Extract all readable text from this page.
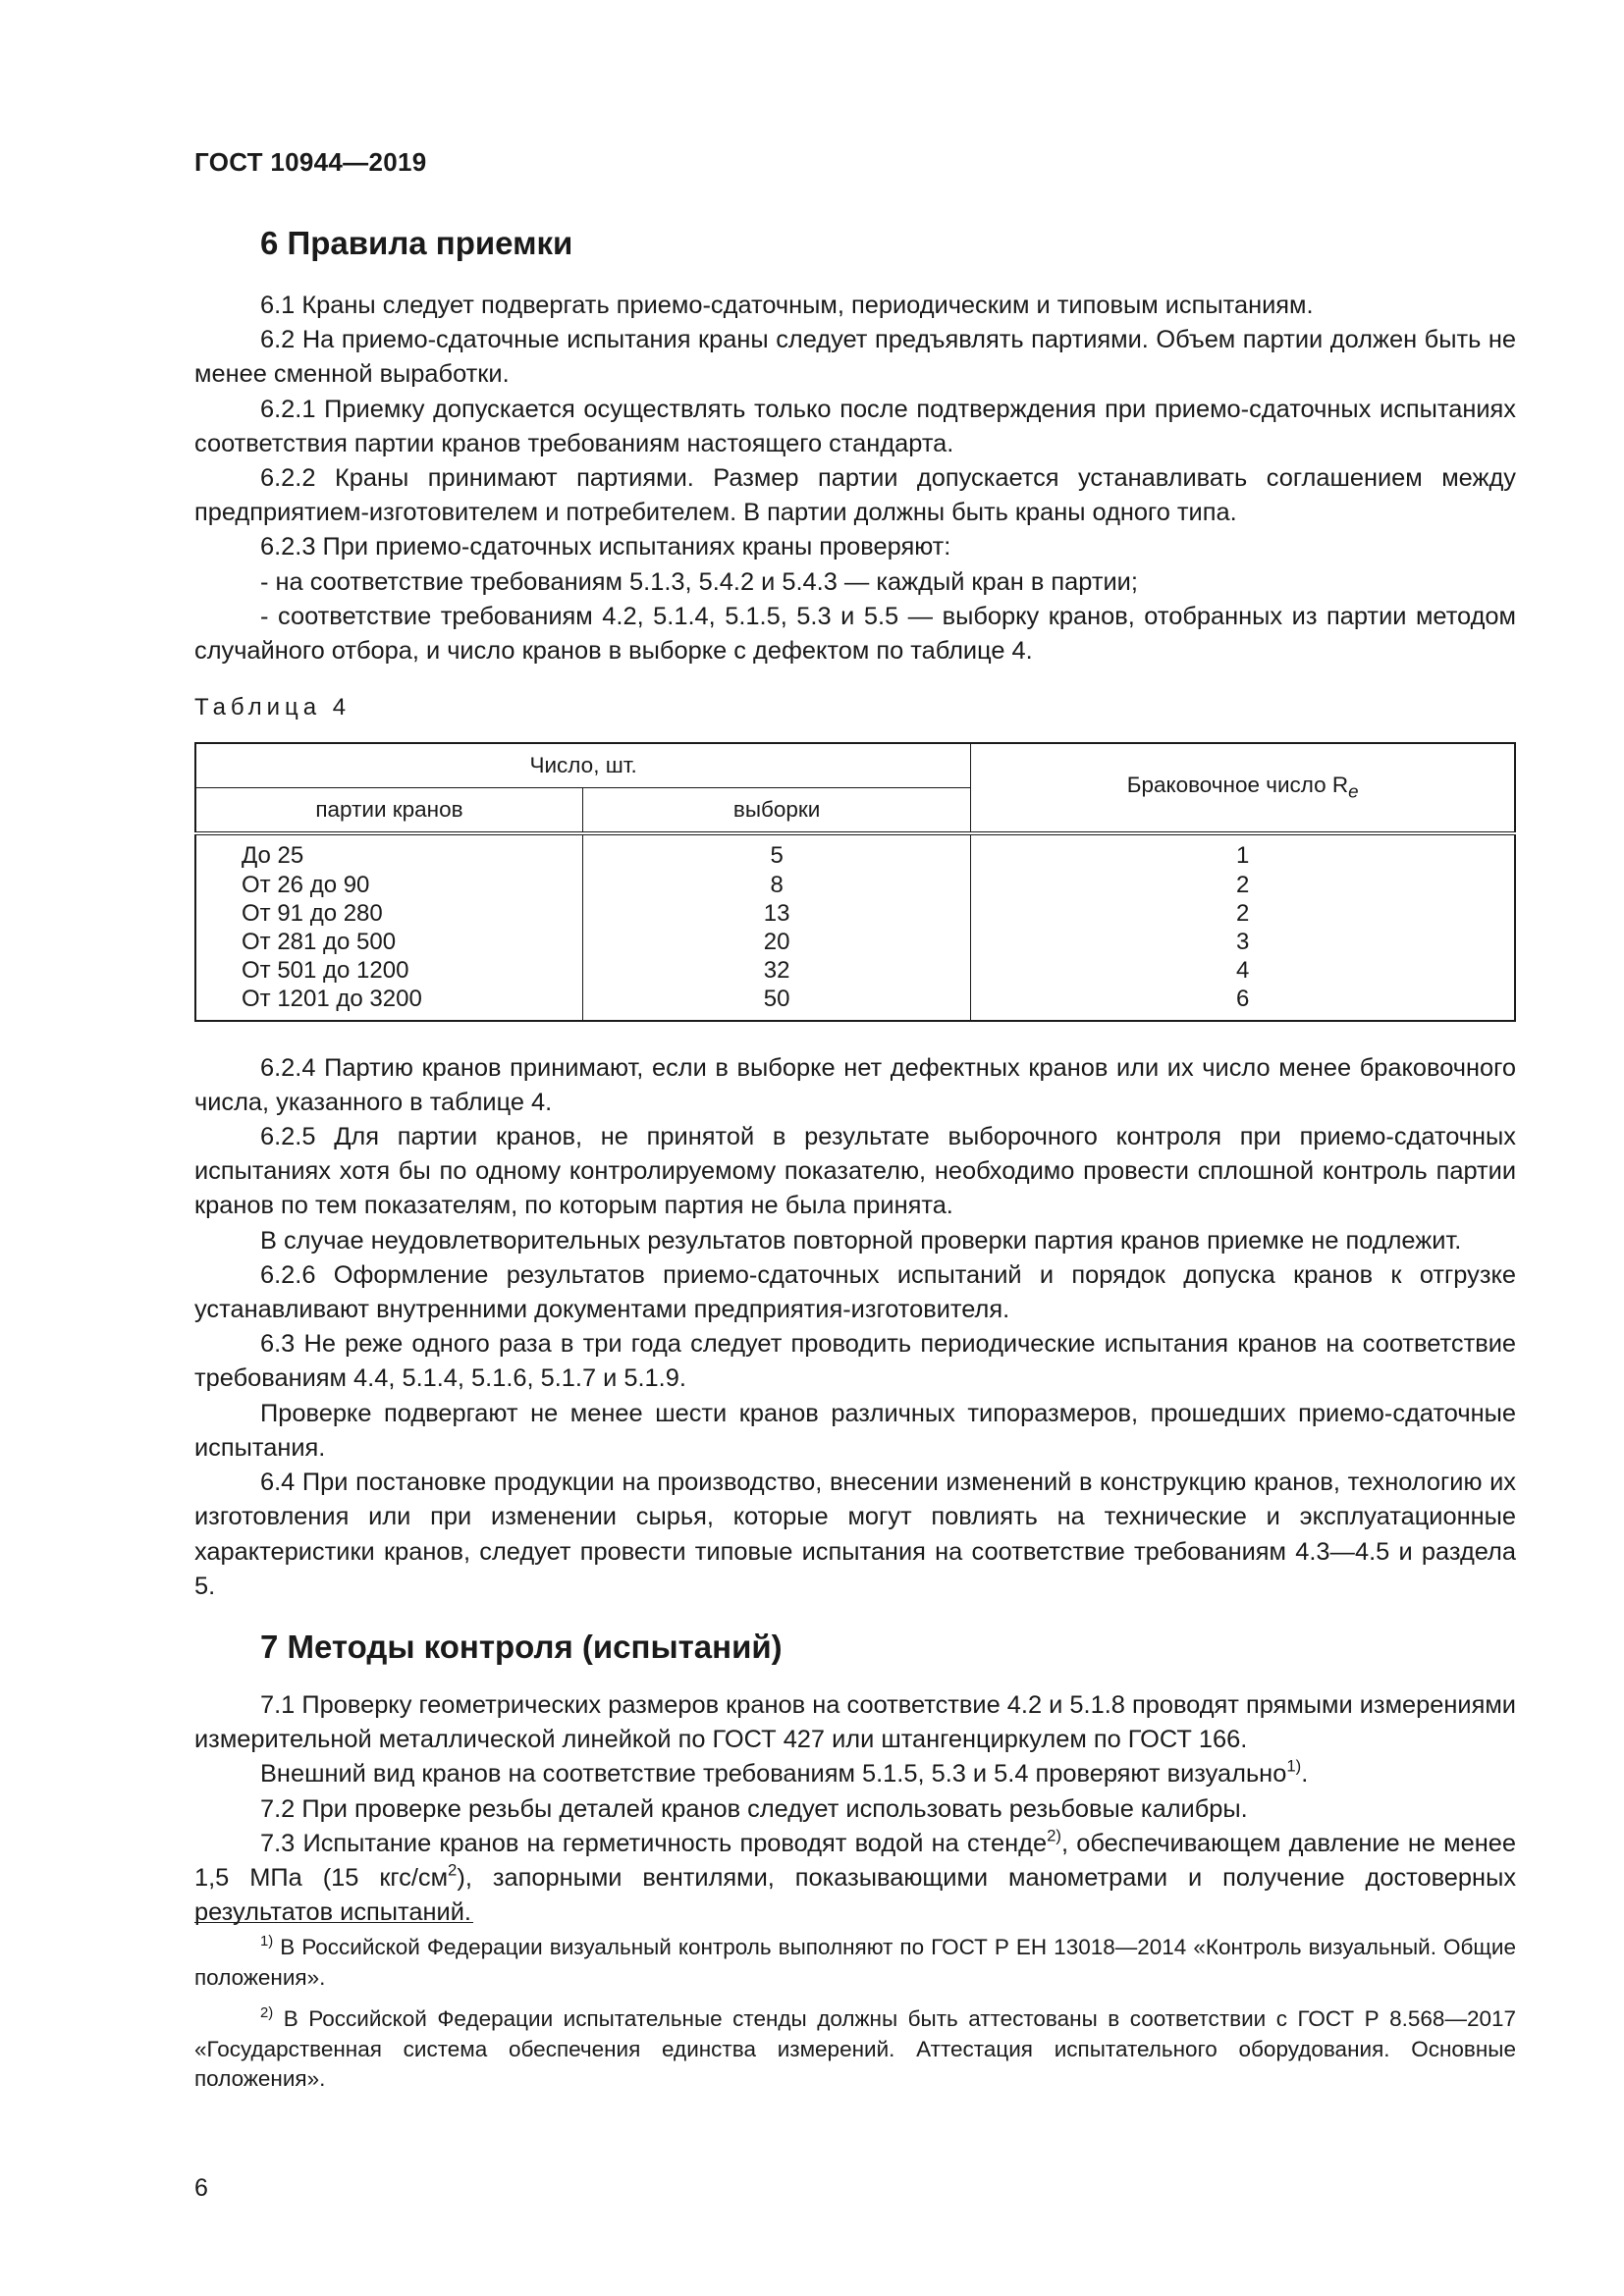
ГОСТ 10944—2019
6 Правила приемки

6.1 Краны следует подвергать приемо-сдаточным, периодическим и типовым испытаниям.

6.2 На приемо-сдаточные испытания краны следует предъявлять партиями. Объем партии должен быть не менее сменной выработки.

6.2.1 Приемку допускается осуществлять только после подтверждения при приемо-сдаточных испытаниях соответствия партии кранов требованиям настоящего стандарта.

6.2.2 Краны принимают партиями. Размер партии допускается устанавливать соглашением между предприятием-изготовителем и потребителем. В партии должны быть краны одного типа.

6.2.3 При приемо-сдаточных испытаниях краны проверяют:

- на соответствие требованиям 5.1.3, 5.4.2 и 5.4.3 — каждый кран в партии;

- соответствие требованиям 4.2, 5.1.4, 5.1.5, 5.3 и 5.5 — выборку кранов, отобранных из партии методом случайного отбора, и число кранов в выборке с дефектом по таблице 4.

Таблица 4
Число, шт.		Браковочное число $R_e$
партии кранов	выборки	
До 25	5	1
От 26 до 90	8	2
От 91 до 280	13	2
От 281 до 500	20	3
От 501 до 1200	32	4
От 1201 до 3200	50	6

6.2.4 Партию кранов принимают, если в выборке нет дефектных кранов или их число менее браковочного числа, указанного в таблице 4.

6.2.5 Для партии кранов, не принятой в результате выборочного контроля при приемо-сдаточных испытаниях хотя бы по одному контролируемому показателю, необходимо провести сплошной контроль партии кранов по тем показателям, по которым партия не была принята.

В случае неудовлетворительных результатов повторной проверки партия кранов приемке не подлежит.

6.2.6 Оформление результатов приемо-сдаточных испытаний и порядок допуска кранов к отгрузке устанавливают внутренними документами предприятия-изготовителя.

6.3 Не реже одного раза в три года следует проводить периодические испытания кранов на соответствие требованиям 4.4, 5.1.4, 5.1.6, 5.1.7 и 5.1.9.

Проверке подвергают не менее шести кранов различных типоразмеров, прошедших приемо-сдаточные испытания.

6.4 При постановке продукции на производство, внесении изменений в конструкцию кранов, технологию их изготовления или при изменении сырья, которые могут повлиять на технические и эксплуатационные характеристики кранов, следует провести типовые испытания на соответствие требованиям 4.3—4.5 и раздела 5.

7 Методы контроля (испытаний)

7.1 Проверку геометрических размеров кранов на соответствие 4.2 и 5.1.8 проводят прямыми измерениями измерительной металлической линейкой по ГОСТ 427 или штангенциркулем по ГОСТ 166.

Внешний вид кранов на соответствие требованиям 5.1.5, 5.3 и 5.4 проверяют визуально$^{1)}$.

7.2 При проверке резьбы деталей кранов следует использовать резьбовые калибры.

7.3 Испытание кранов на герметичность проводят водой на стенде$^{2)}$, обеспечивающем давление не менее 1,5 МПа (15 кгс/$см^2$), запорными вентилями, показывающими манометрами и получение достоверных результатов испытаний.

$^{1)}$ В Российской Федерации визуальный контроль выполняют по ГОСТ Р ЕН 13018—2014 «Контроль визуальный. Общие положения».

$^{2)}$ В Российской Федерации испытательные стенды должны быть аттестованы в соответствии с ГОСТ Р 8.568—2017 «Государственная система обеспечения единства измерений. Аттестация испытательного оборудования. Основные положения».

6
